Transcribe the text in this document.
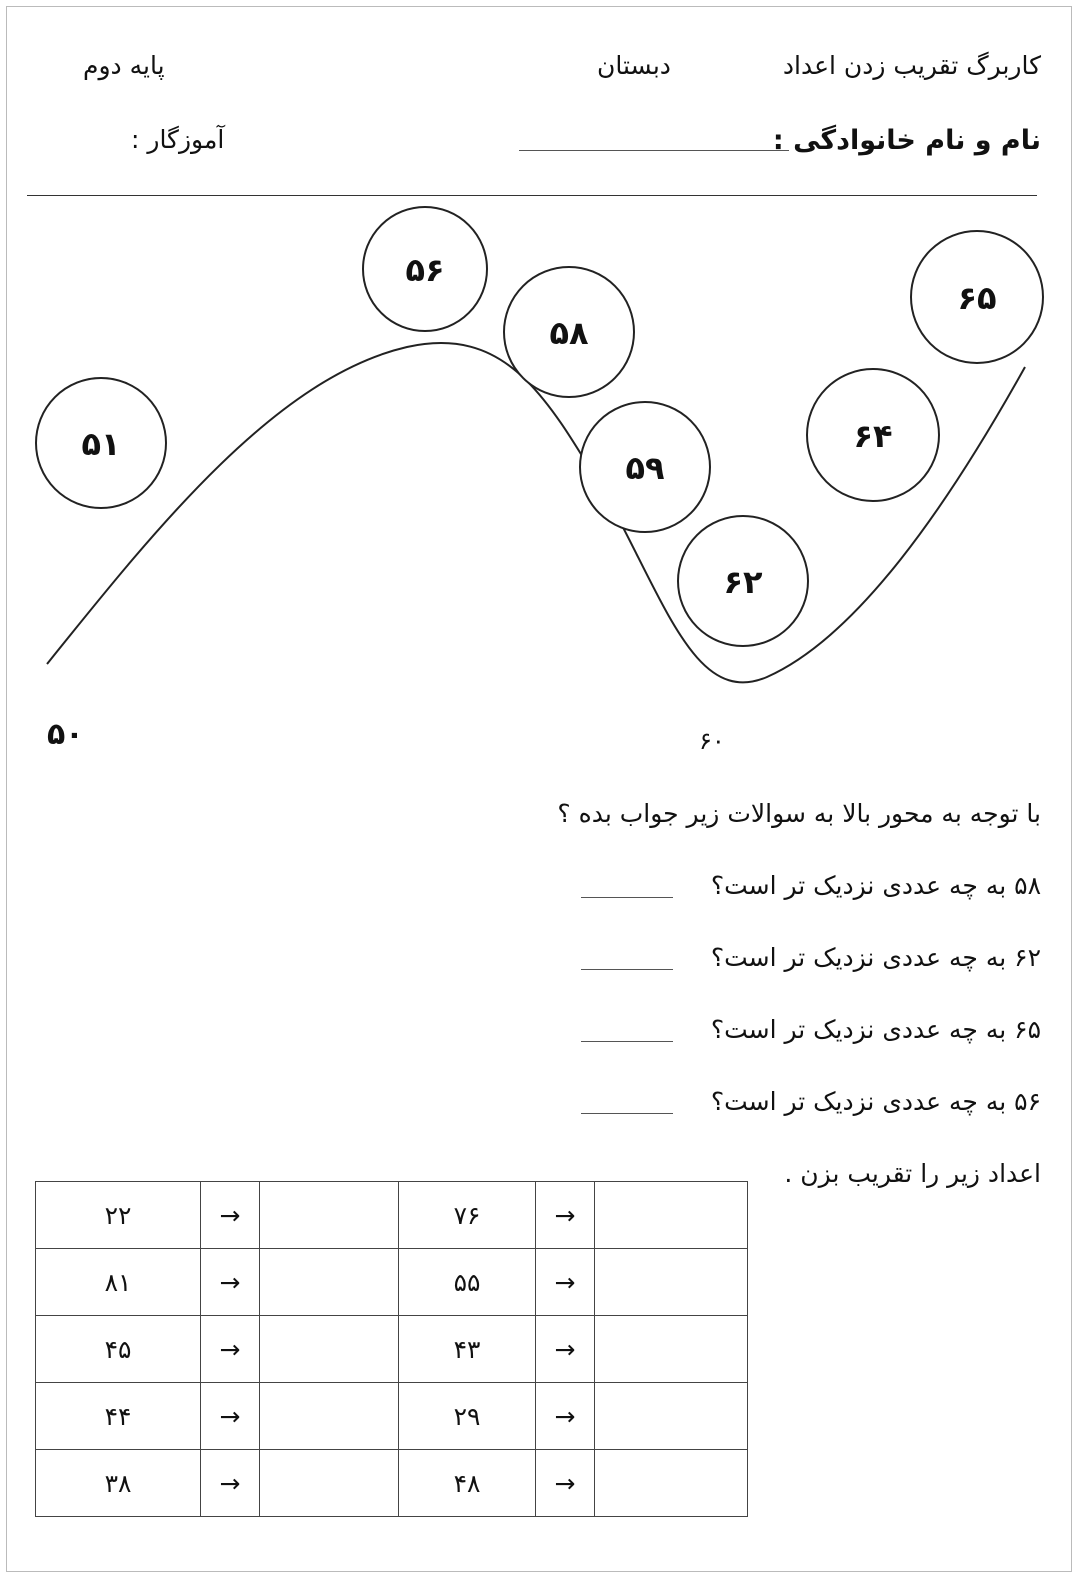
کاربرگ تقریب زدن اعداد
دبستان
پایه دوم
نام و نام خانوادگی :
آموزگار :
۵۱
۵۶
۵۸
۵۹
۶۲
۶۴
۶۵
۵۰	۶۰
با توجه به محور بالا به سوالات زیر جواب بده ؟
۵۸ به چه عددی نزدیک تر است؟
۶۲ به چه عددی نزدیک تر است؟
۶۵ به چه عددی نزدیک تر است؟
۵۶ به چه عددی نزدیک تر است؟
اعداد زیر را تقریب بزن .
۲۲	→		۷۶	→	
۸۱	→		۵۵	→	
۴۵	→		۴۳	→	
۴۴	→		۲۹	→	
۳۸	→		۴۸	→	
